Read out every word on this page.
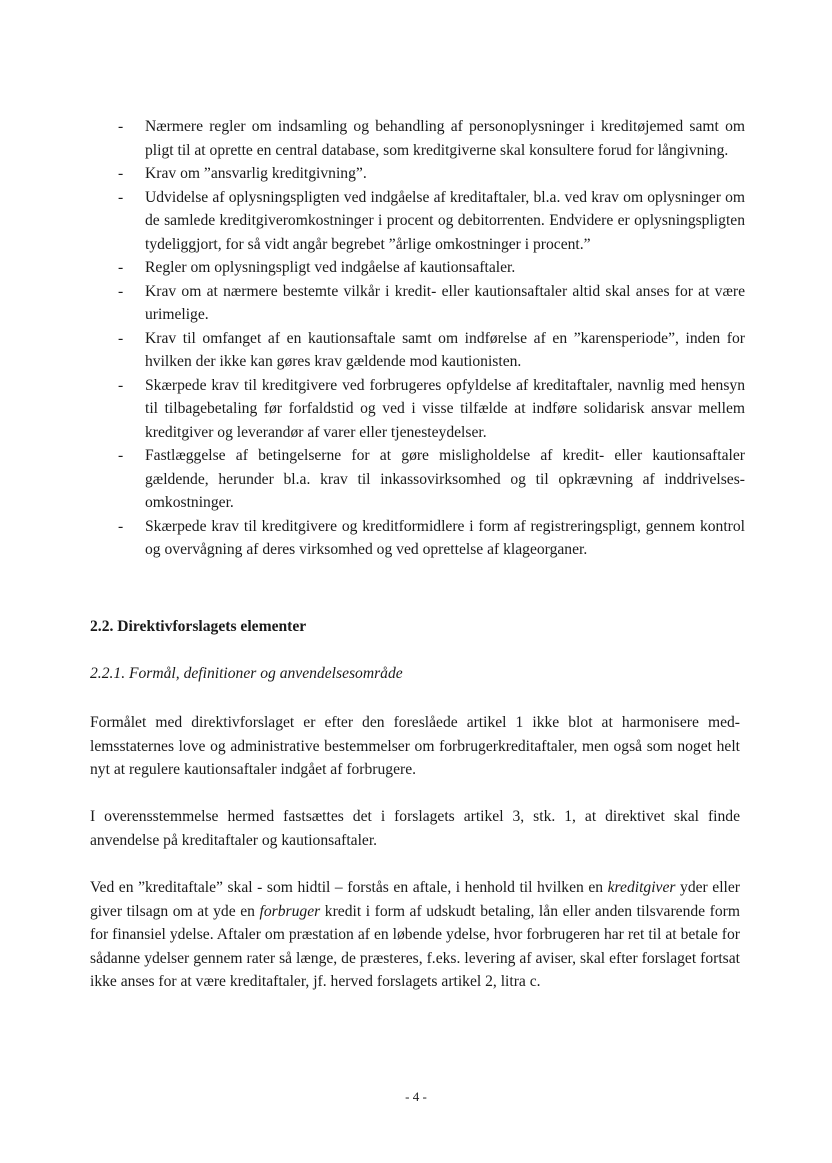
- Nærmere regler om indsamling og behandling af personoplysninger i kreditøjemed samt om pligt til at oprette en central database, som kreditgiverne skal konsultere forud for långivning.
- Krav om ”ansvarlig kreditgivning”.
- Udvidelse af oplysningspligten ved indgåelse af kreditaftaler, bl.a. ved krav om oplysninger om de samlede kreditgiveromkostninger i procent og debitorrenten. Endvidere er oplysningspligten tydeliggjort, for så vidt angår begrebet ”årlige omkostninger i procent.”
- Regler om oplysningspligt ved indgåelse af kautionsaftaler.
- Krav om at nærmere bestemte vilkår i kredit- eller kautionsaftaler altid skal anses for at være urimelige.
- Krav til omfanget af en kautionsaftale samt om indførelse af en ”karensperiode”, inden for hvilken der ikke kan gøres krav gældende mod kautionisten.
- Skærpede krav til kreditgivere ved forbrugeres opfyldelse af kreditaftaler, navnlig med hensyn til tilbagebetaling før forfaldstid og ved i visse tilfælde at indføre solidarisk ansvar mellem kreditgiver og leverandør af varer eller tjenesteydelser.
- Fastlæggelse af betingelserne for at gøre misligholdelse af kredit- eller kautionsaftaler gældende, herunder bl.a. krav til inkassovirksomhed og til opkrævning af inddrivelsesomkostninger.
- Skærpede krav til kreditgivere og kreditformidlere i form af registreringspligt, gennem kontrol og overvågning af deres virksomhed og ved oprettelse af klageorganer.
2.2. Direktivforslagets elementer
2.2.1. Formål, definitioner og anvendelsesområde

Formålet med direktivforslaget er efter den foreslåede artikel 1 ikke blot at harmonisere medlemsstaternes love og administrative bestemmelser om forbrugerkreditaftaler, men også som noget helt nyt at regulere kautionsaftaler indgået af forbrugere.

I overensstemmelse hermed fastsættes det i forslagets artikel 3, stk. 1, at direktivet skal finde anvendelse på kreditaftaler og kautionsaftaler.

Ved en ”kreditaftale” skal - som hidtil – forstås en aftale, i henhold til hvilken en kreditgiver yder eller giver tilsagn om at yde en forbruger kredit i form af udskudt betaling, lån eller anden tilsvarende form for finansiel ydelse. Aftaler om præstation af en løbende ydelse, hvor forbrugeren har ret til at betale for sådanne ydelser gennem rater så længe, de præsteres, f.eks. levering af aviser, skal efter forslaget fortsat ikke anses for at være kreditaftaler, jf. herved forslagets artikel 2, litra c.

- 4 -
